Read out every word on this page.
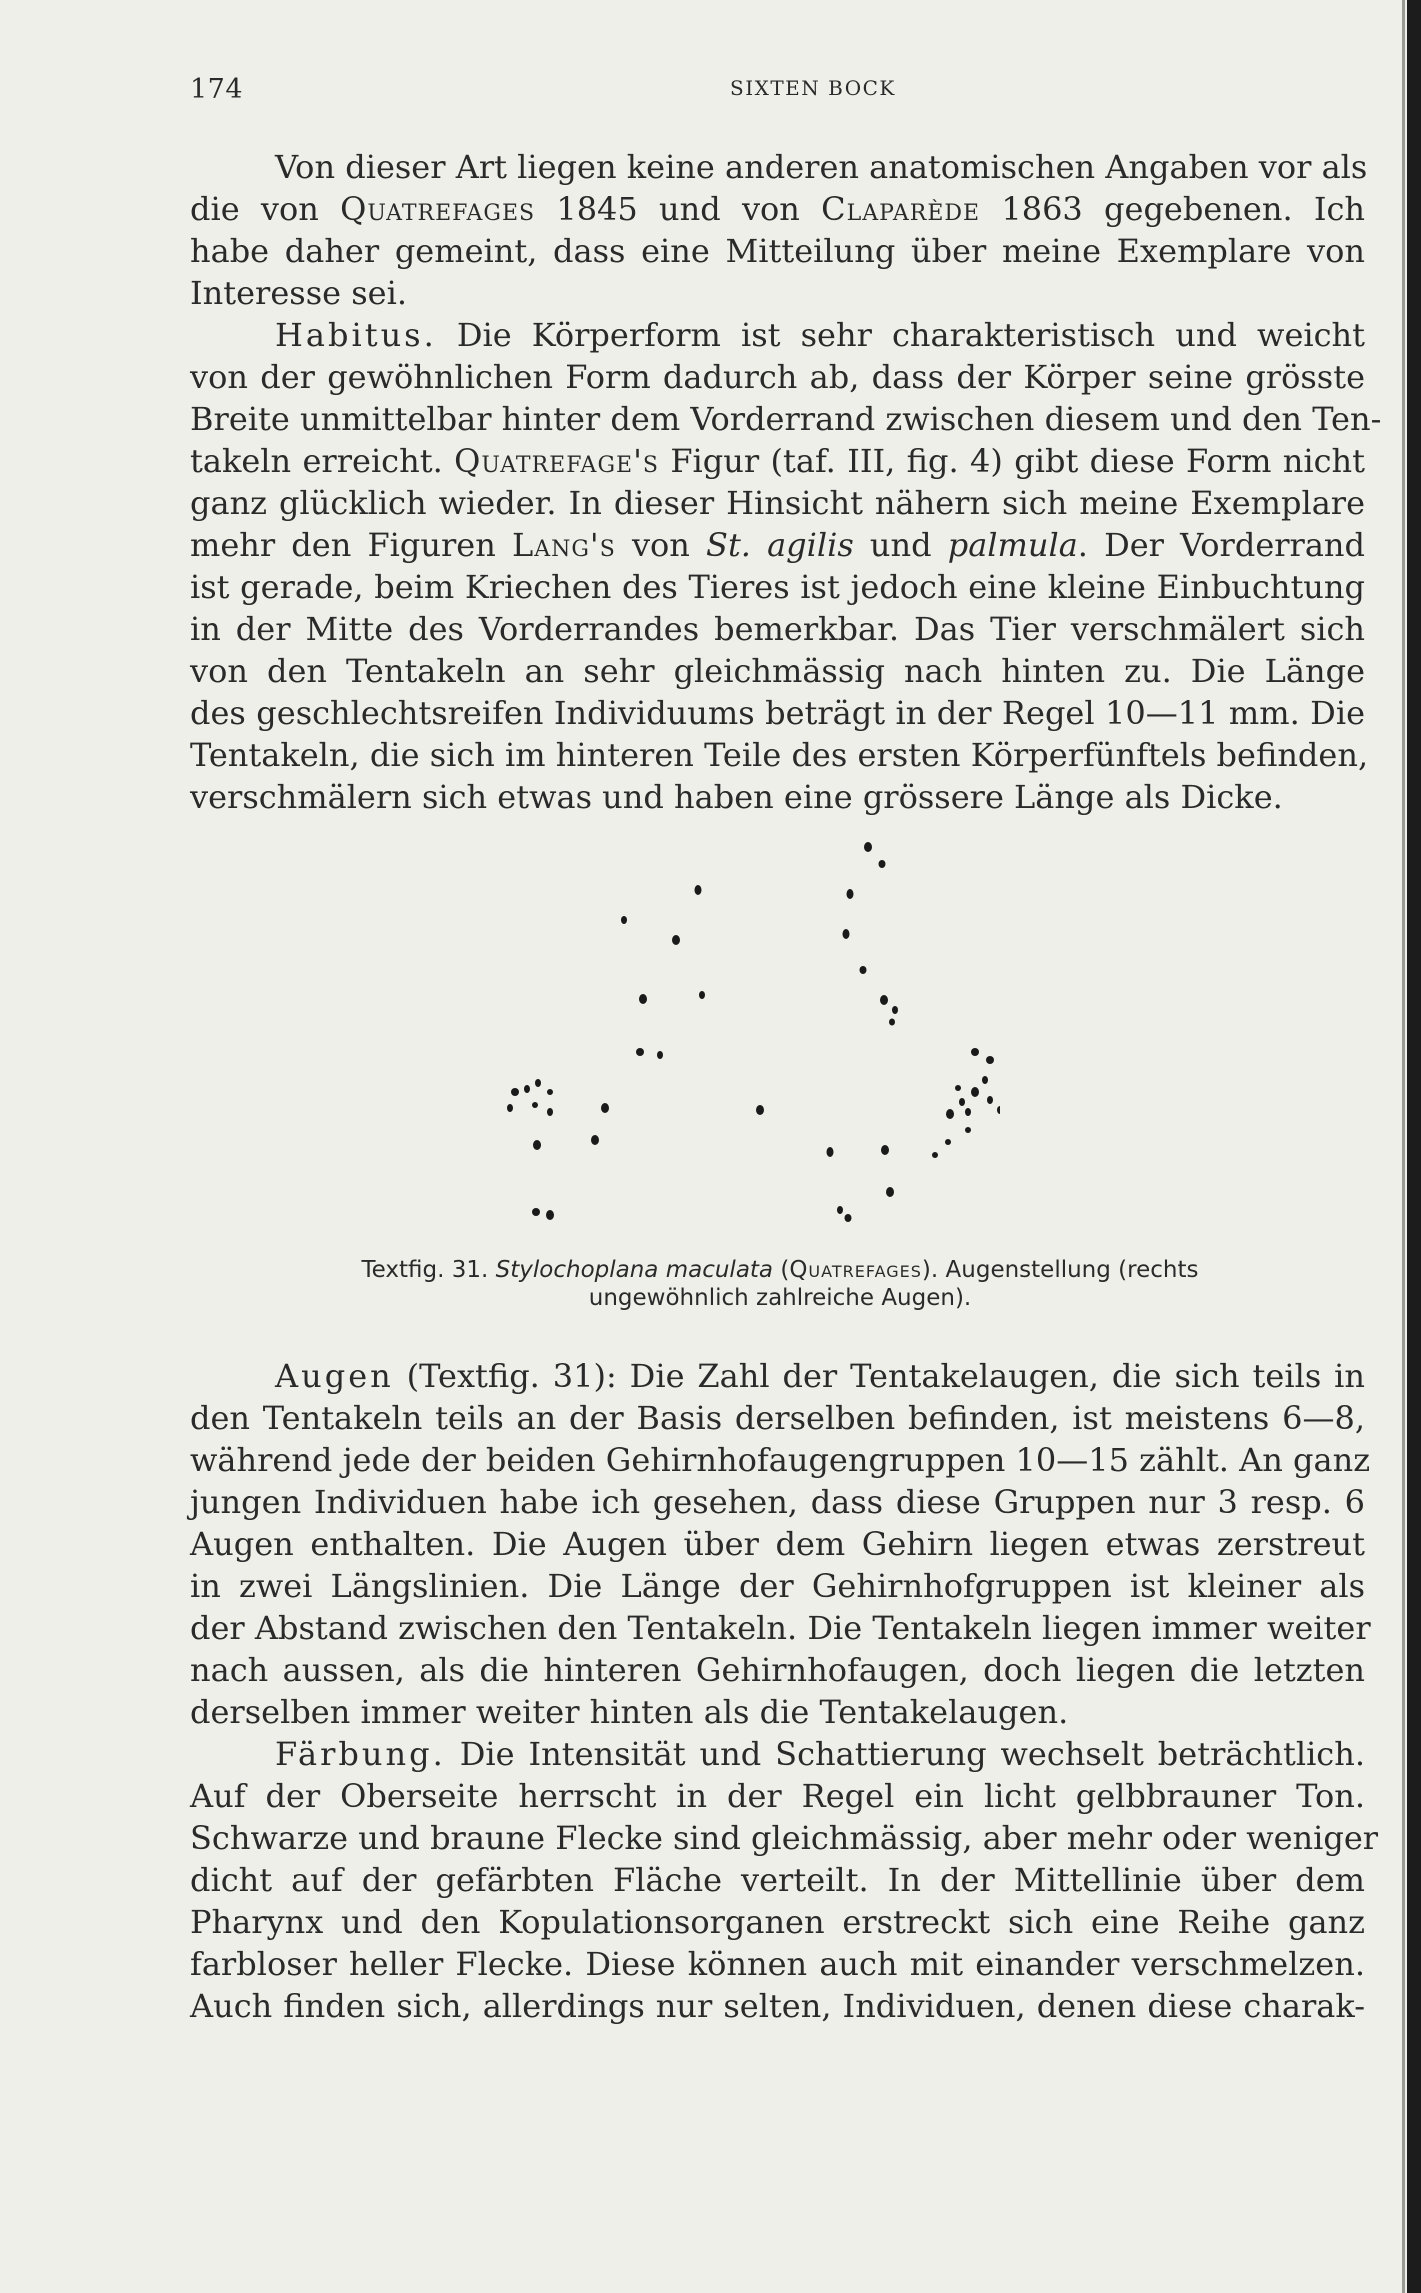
174	SIXTEN BOCK
Von dieser Art liegen keine anderen anatomischen Angaben vor als
die von Quatrefages 1845 und von Claparède 1863 gegebenen. Ich
habe daher gemeint, dass eine Mitteilung über meine Exemplare von
Interesse sei.
Habitus. Die Körperform ist sehr charakteristisch und weicht
von der gewöhnlichen Form dadurch ab, dass der Körper seine grösste
Breite unmittelbar hinter dem Vorderrand zwischen diesem und den Ten-
takeln erreicht. Quatrefage's Figur (taf. III, fig. 4) gibt diese Form nicht
ganz glücklich wieder. In dieser Hinsicht nähern sich meine Exemplare
mehr den Figuren Lang's von St. agilis und palmula. Der Vorderrand
ist gerade, beim Kriechen des Tieres ist jedoch eine kleine Einbuchtung
in der Mitte des Vorderrandes bemerkbar. Das Tier verschmälert sich
von den Tentakeln an sehr gleichmässig nach hinten zu. Die Länge
des geschlechtsreifen Individuums beträgt in der Regel 10—11 mm. Die
Tentakeln, die sich im hinteren Teile des ersten Körperfünftels befinden,
verschmälern sich etwas und haben eine grössere Länge als Dicke.
Textfig. 31. Stylochoplana maculata (Quatrefages). Augenstellung (rechts
ungewöhnlich zahlreiche Augen).
Augen (Textfig. 31): Die Zahl der Tentakelaugen, die sich teils in
den Tentakeln teils an der Basis derselben befinden, ist meistens 6—8,
während jede der beiden Gehirnhofaugengruppen 10—15 zählt. An ganz
jungen Individuen habe ich gesehen, dass diese Gruppen nur 3 resp. 6
Augen enthalten. Die Augen über dem Gehirn liegen etwas zerstreut
in zwei Längslinien. Die Länge der Gehirnhofgruppen ist kleiner als
der Abstand zwischen den Tentakeln. Die Tentakeln liegen immer weiter
nach aussen, als die hinteren Gehirnhofaugen, doch liegen die letzten
derselben immer weiter hinten als die Tentakelaugen.
Färbung. Die Intensität und Schattierung wechselt beträchtlich.
Auf der Oberseite herrscht in der Regel ein licht gelbbrauner Ton.
Schwarze und braune Flecke sind gleichmässig, aber mehr oder weniger
dicht auf der gefärbten Fläche verteilt. In der Mittellinie über dem
Pharynx und den Kopulationsorganen erstreckt sich eine Reihe ganz
farbloser heller Flecke. Diese können auch mit einander verschmelzen.
Auch finden sich, allerdings nur selten, Individuen, denen diese charak-
